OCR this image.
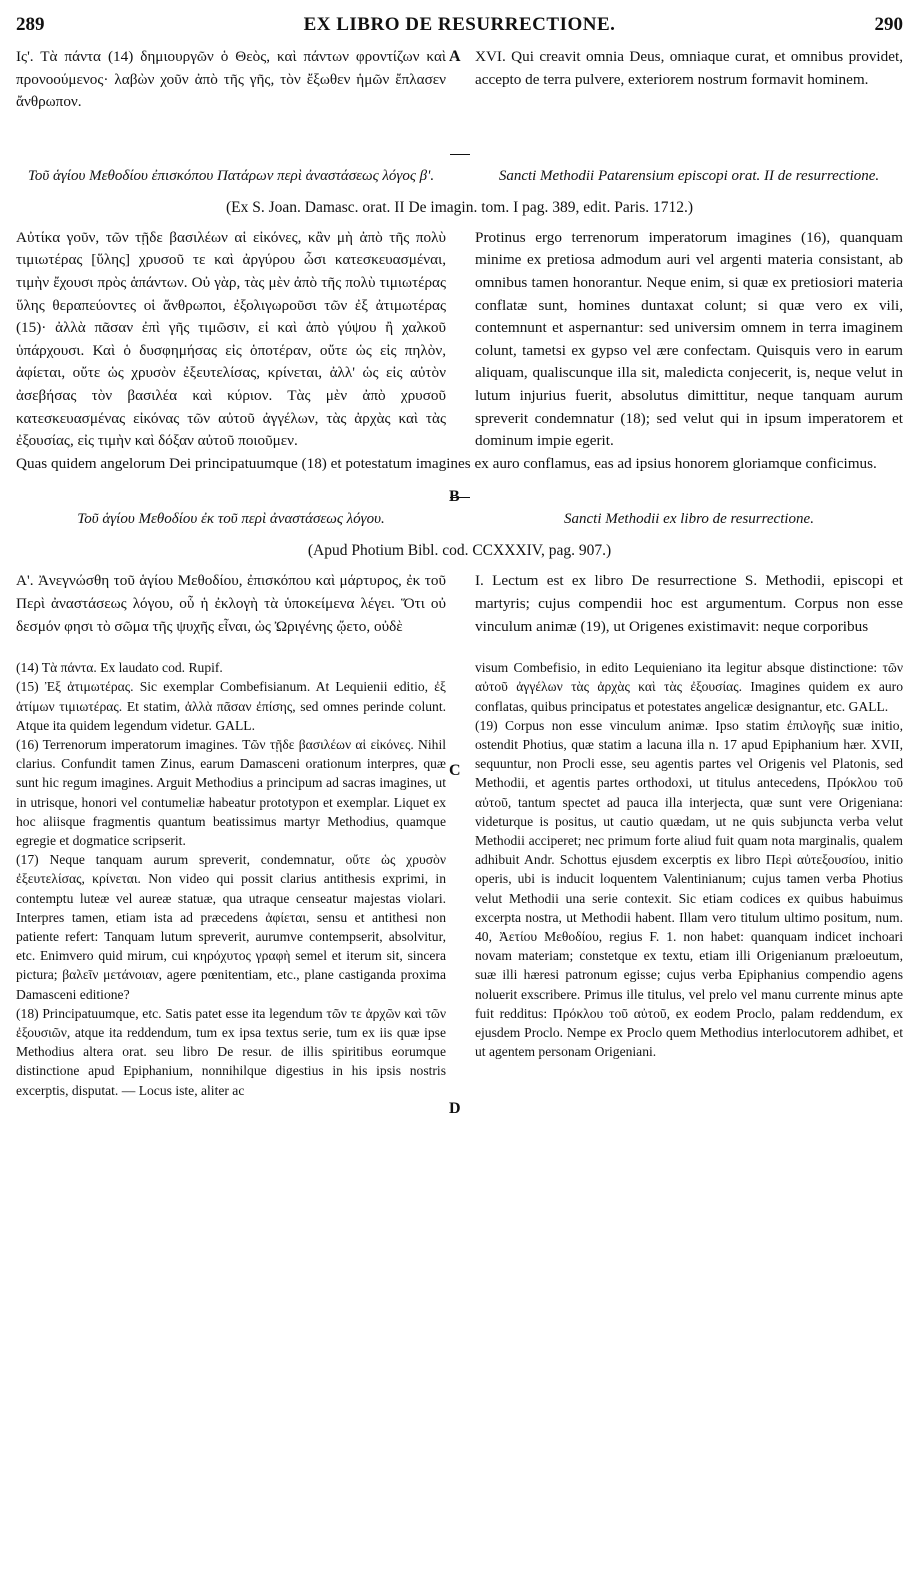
289	EX LIBRO DE RESURRECTIONE.	290
Ις'. Τὰ πάντα (14) δημιουργῶν ὁ Θεὸς, καὶ πάντων φροντίζων καὶ προνοούμενος· λαβὼν χοῦν ἀπὸ τῆς γῆς, τὸν ἔξωθεν ἡμῶν ἔπλασεν ἄνθρωπον.
XVI. Qui creavit omnia Deus, omniaque curat, et omnibus providet, accepto de terra pulvere, exteriorem nostrum formavit hominem.
A
Τοῦ ἁγίου Μεθοδίου ἐπισκόπου Πατάρων περὶ ἀναστάσεως λόγος β'.	Sancti Methodii Patarensium episcopi orat. II de resurrectione.
(Ex S. Joan. Damasc. orat. II De imagin. tom. I pag. 389, edit. Paris. 1712.)
Αὐτίκα γοῦν, τῶν τῇδε βασιλέων αἱ εἰκόνες, κἂν μὴ ἀπὸ τῆς πολὺ τιμιωτέρας [ὕλης] χρυσοῦ τε καὶ ἀργύρου ὦσι κατεσκευασμέναι, τιμὴν ἔχουσι πρὸς ἁπάντων. Οὐ γὰρ, τὰς μὲν ἀπὸ τῆς πολὺ τιμιωτέρας ὕλης θεραπεύοντες οἱ ἄνθρωποι, ἐξολιγωροῦσι τῶν ἐξ ἀτιμωτέρας (15)· ἀλλὰ πᾶσαν ἐπὶ γῆς τιμῶσιν, εἰ καὶ ἀπὸ γύψου ἢ χαλκοῦ ὑπάρχουσι. Καὶ ὁ δυσφημήσας εἰς ὁποτέραν, οὔτε ὡς εἰς πηλὸν, ἀφίεται, οὔτε ὡς χρυσὸν ἐξευτελίσας, κρίνεται, ἀλλ' ὡς εἰς αὐτὸν ἀσεβήσας τὸν βασιλέα καὶ κύριον. Τὰς μὲν ἀπὸ χρυσοῦ κατεσκευασμένας εἰκόνας τῶν αὐτοῦ ἀγγέλων, τὰς ἀρχὰς καὶ τὰς ἐξουσίας, εἰς τιμὴν καὶ δόξαν αὐτοῦ ποιοῦμεν.
Protinus ergo terrenorum imperatorum imagines (16), quanquam minime ex pretiosa admodum auri vel argenti materia consistant, ab omnibus tamen honorantur. Neque enim, si quæ ex pretiosiori materia conflatæ sunt, homines duntaxat colunt; si quæ vero ex vili, contemnunt et aspernantur: sed universim omnem in terra imaginem colunt, tametsi ex gypso vel ære confectam. Quisquis vero in earum aliquam, qualiscunque illa sit, maledicta conjecerit, is, neque velut in lutum injurius fuerit, absolutus dimittitur, neque tanquam aurum spreverit condemnatur (18); sed velut qui in ipsum imperatorem et dominum impie egerit.
B
Quas quidem angelorum Dei principatuumque (18) et potestatum imagines ex auro conflamus, eas ad ipsius honorem gloriamque conficimus.
Τοῦ ἁγίου Μεθοδίου ἐκ τοῦ περὶ ἀναστάσεως λόγου.	Sancti Methodii ex libro de resurrectione.
(Apud Photium Bibl. cod. CCXXXIV, pag. 907.)
Α'. Ἀνεγνώσθη τοῦ ἁγίου Μεθοδίου, ἐπισκόπου καὶ μάρτυρος, ἐκ τοῦ Περὶ ἀναστάσεως λόγου, οὗ ἡ ἐκλογὴ τὰ ὑποκείμενα λέγει. Ὅτι οὐ δεσμόν φησι τὸ σῶμα τῆς ψυχῆς εἶναι, ὡς Ὠριγένης ᾤετο, οὐδὲ
I. Lectum est ex libro De resurrectione S. Methodii, episcopi et martyris; cujus compendii hoc est argumentum. Corpus non esse vinculum animæ (19), ut Origenes existimavit: neque corporibus
C

(14) Τὰ πάντα. Ex laudato cod. Rupif.

(15) Ἐξ ἀτιμωτέρας. Sic exemplar Combefisianum. At Lequienii editio, ἐξ ἀτίμων τιμιωτέρας. Et statim, ἀλλὰ πᾶσαν ἐπίσης, sed omnes perinde colunt. Atque ita quidem legendum videtur. GALL.

(16) Terrenorum imperatorum imagines. Τῶν τῇδε βασιλέων αἱ εἰκόνες. Nihil clarius. Confundit tamen Zinus, earum Damasceni orationum interpres, quæ sunt hic regum imagines. Arguit Methodius a principum ad sacras imagines, ut in utrisque, honori vel contumeliæ habeatur prototypon et exemplar. Liquet ex hoc aliisque fragmentis quantum beatissimus martyr Methodius, quamque egregie et dogmatice scripserit.

(17) Neque tanquam aurum spreverit, condemnatur, οὔτε ὡς χρυσὸν ἐξευτελίσας, κρίνεται. Non video qui possit clarius antithesis exprimi, in contemptu luteæ vel aureæ statuæ, qua utraque censeatur majestas violari. Interpres tamen, etiam ista ad præcedens ἀφίεται, sensu et antithesi non patiente refert: Tanquam lutum spreverit, aurumve contempserit, absolvitur, etc. Enimvero quid mirum, cui κηρόχυτος γραφὴ semel et iterum sit, sincera pictura; βαλεῖν μετάνοιαν, agere pœnitentiam, etc., plane castiganda proxima Damasceni editione?

(18) Principatuumque, etc. Satis patet esse ita legendum τῶν τε ἀρχῶν καὶ τῶν ἐξουσιῶν, atque ita reddendum, tum ex ipsa textus serie, tum ex iis quæ ipse Methodius altera orat. seu libro De resur. de illis spiritibus eorumque distinctione apud Epiphanium, nonnihilque digestius in his ipsis nostris excerptis, disputat. — Locus iste, aliter ac

visum Combefisio, in edito Lequieniano ita legitur absque distinctione: τῶν αὐτοῦ ἀγγέλων τὰς ἀρχὰς καὶ τὰς ἐξουσίας. Imagines quidem ex auro conflatas, quibus principatus et potestates angelicæ designantur, etc. GALL.

(19) Corpus non esse vinculum animæ. Ipso statim ἐπιλογῆς suæ initio, ostendit Photius, quæ statim a lacuna illa n. 17 apud Epiphanium hær. XVII, sequuntur, non Procli esse, seu agentis partes vel Origenis vel Platonis, sed Methodii, et agentis partes orthodoxi, ut titulus antecedens, Πρόκλου τοῦ αὐτοῦ, tantum spectet ad pauca illa interjecta, quæ sunt vere Origeniana: videturque is positus, ut cautio quædam, ut ne quis subjuncta verba velut Methodii acciperet; nec primum forte aliud fuit quam nota marginalis, qualem adhibuit Andr. Schottus ejusdem excerptis ex libro Περὶ αὐτεξουσίου, initio operis, ubi is inducit loquentem Valentinianum; cujus tamen verba Photius velut Methodii una serie contexit. Sic etiam codices ex quibus habuimus excerpta nostra, ut Methodii habent. Illam vero titulum ultimo positum, num. 40, Ἀετίου Μεθοδίου, regius F. 1. non habet: quanquam indicet inchoari novam materiam; constetque ex textu, etiam illi Origenianum præloeutum, suæ illi hæresi patronum egisse; cujus verba Epiphanius compendio agens noluerit exscribere. Primus ille titulus, vel prelo vel manu currente minus apte fuit redditus: Πρόκλου τοῦ αὐτοῦ, ex eodem Proclo, palam reddendum, ex ejusdem Proclo. Nempe ex Proclo quem Methodius interlocutorem adhibet, et ut agentem personam Origeniani.

D
